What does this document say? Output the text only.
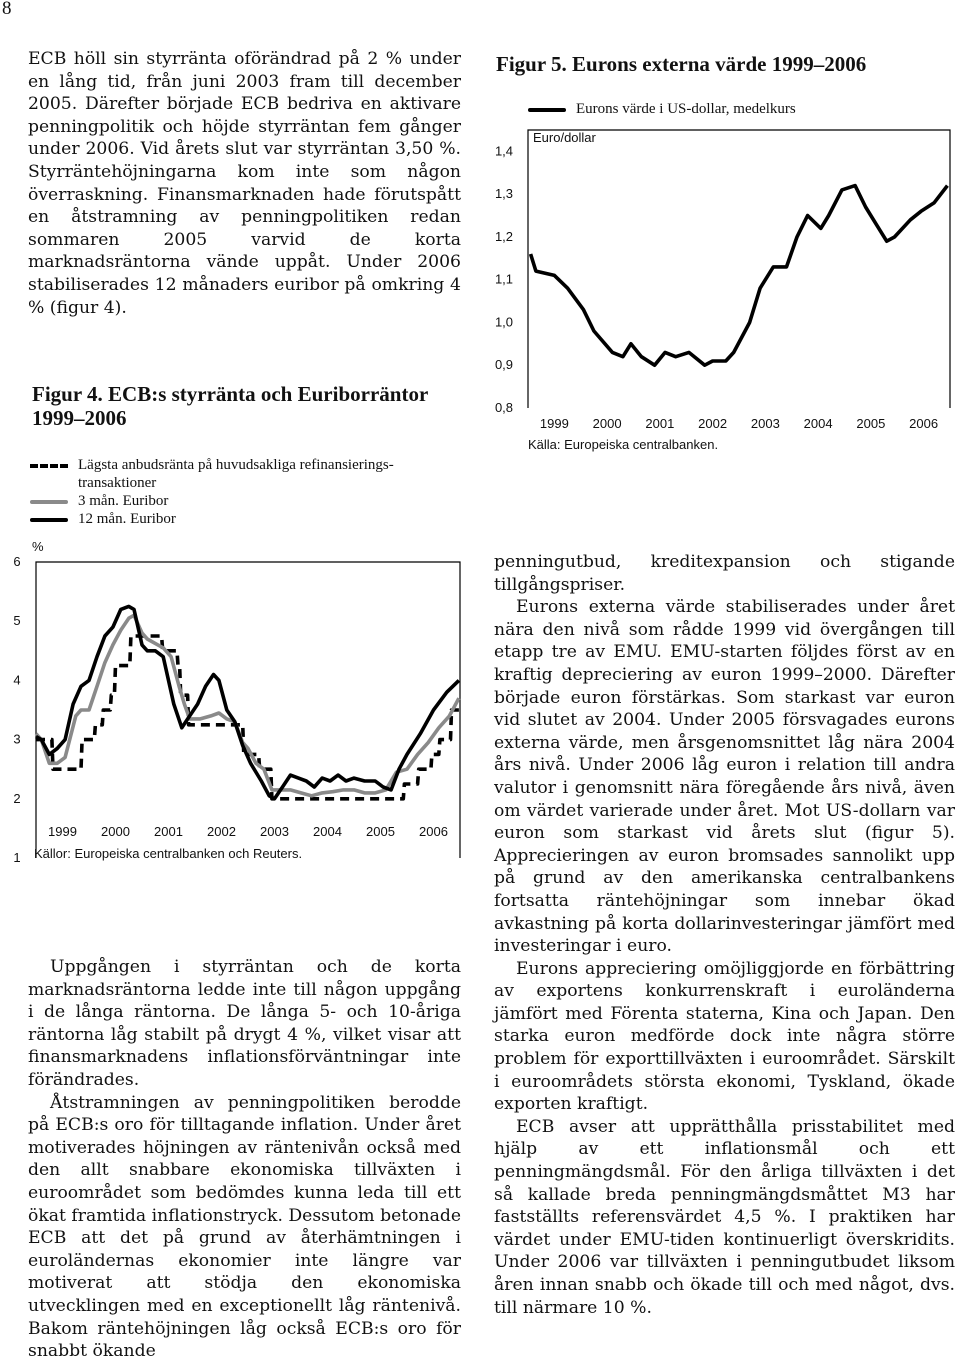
8

ECB höll sin styrränta oförändrad på 2 % under en lång tid, från juni 2003 fram till december 2005. Därefter började ECB bedriva en aktivare penningpolitik och höjde styrräntan fem gånger under 2006. Vid årets slut var styrräntan 3,50 %. Styrräntehöjningarna kom inte som någon överraskning. Finansmarknaden hade förutspått en åtstramning av penningpolitiken redan sommaren 2005 varvid de korta marknadsräntorna vände uppåt. Under 2006 stabiliserades 12 månaders euribor på omkring 4 % (figur 4).

Figur 4. ECB:s styrränta och Euriborräntor 1999–2006
Lägsta anbudsränta på huvudsakliga refinansierings-transaktioner
3 mån. Euribor
12 mån. Euribor
1
2
3
4
5
6
1999 2000 2001 2002 2003 2004 2005 2006
%
Källor: Europeiska centralbanken och Reuters.

Uppgången i styrräntan och de korta marknadsräntorna ledde inte till någon uppgång i de långa räntorna. De långa 5- och 10-åriga räntorna låg stabilt på drygt 4 %, vilket visar att finansmarknadens inflationsförväntningar inte förändrades.

Åtstramningen av penningpolitiken berodde på ECB:s oro för tilltagande inflation. Under året motiverades höjningen av räntenivån också med den allt snabbare ekonomiska tillväxten i euroområdet som bedömdes kunna leda till ett ökat framtida inflationstryck. Dessutom betonade ECB att det på grund av återhämtningen i euroländernas ekonomier inte längre var motiverat att stödja den ekonomiska utvecklingen med en exceptionellt låg räntenivå. Bakom räntehöjningen låg också ECB:s oro för snabbt ökande

Figur 5. Eurons externa värde 1999–2006
Eurons värde i US-dollar, medelkurs
0,8
0,9
1,0
1,1
1,2
1,3
1,4
1999 2000 2001 2002 2003 2004 2005 2006
Euro/dollar
Källa: Europeiska centralbanken.

penningutbud, kreditexpansion och stigande tillgångspriser.

Eurons externa värde stabiliserades under året nära den nivå som rådde 1999 vid övergången till etapp tre av EMU. EMU-starten följdes först av en kraftig depreciering av euron 1999–2000. Därefter började euron förstärkas. Som starkast var euron vid slutet av 2004. Under 2005 försvagades eurons externa värde, men årsgenomsnittet låg nära 2004 års nivå. Under 2006 låg euron i relation till andra valutor i genomsnitt nära föregående års nivå, även om värdet varierade under året. Mot US-dollarn var euron som starkast vid årets slut (figur 5). Apprecieringen av euron bromsades sannolikt upp på grund av den amerikanska centralbankens fortsatta räntehöjningar som innebar ökad avkastning på korta dollarinvesteringar jämfört med investeringar i euro.

Eurons appreciering omöjliggjorde en förbättring av exportens konkurrenskraft i euroländerna jämfört med Förenta staterna, Kina och Japan. Den starka euron medförde dock inte några större problem för exporttillväxten i euroområdet. Särskilt i euroområdets största ekonomi, Tyskland, ökade exporten kraftigt.

ECB avser att upprätthålla prisstabilitet med hjälp av ett inflationsmål och ett penningmängdsmål. För den årliga tillväxten i det så kallade breda penningmängdsmåttet M3 har fastställts referensvärdet 4,5 %. I praktiken har värdet under EMU-tiden kontinuerligt överskridits. Under 2006 var tillväxten i penningutbudet liksom åren innan snabb och ökade till och med något, dvs. till närmare 10 %.
